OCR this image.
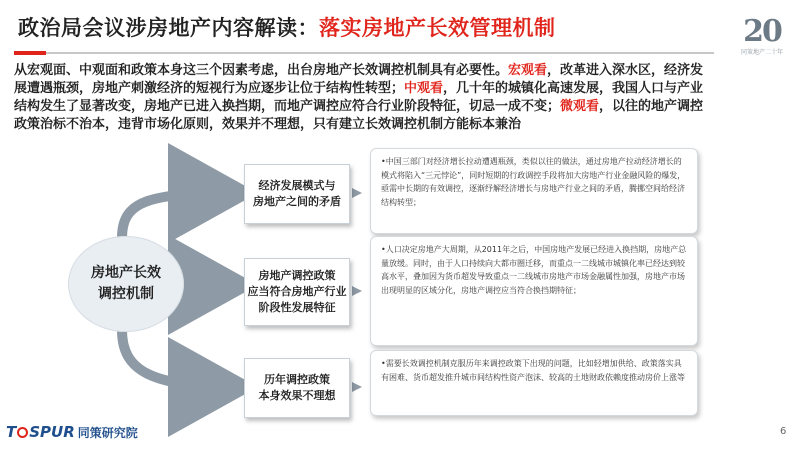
政治局会议涉房地产内容解读：落实房地产长效管理机制	20
同策地产二十年
从宏观面、中观面和政策本身这三个因素考虑，出台房地产长效调控机制具有必要性。宏观看，改革进入深水区，经济发展遭遇瓶颈，房地产刺激经济的短视行为应逐步让位于结构性转型；中观看，几十年的城镇化高速发展，我国人口与产业结构发生了显著改变，房地产已进入换挡期，而地产调控应符合行业阶段特征，切忌一成不变；微观看，以往的地产调控政策治标不治本，违背市场化原则，效果并不理想，只有建立长效调控机制方能标本兼治
房地产长效
调控机制
经济发展模式与
房地产之间的矛盾
房地产调控政策
应当符合房地产行业
阶段性发展特征
历年调控政策
本身效果不理想
•中国三部门对经济增长拉动遭遇瓶颈，类似以往的做法，通过房地产拉动经济增长的模式将陷入“三元悖论”，同时短期的行政调控手段将加大房地产行业金融风险的爆发，亟需中长期的有效调控，逐渐纾解经济增长与房地产行业之间的矛盾，腾挪空间给经济结构转型；
•人口决定房地产大周期，从2011年之后，中国房地产发展已经进入换挡期，房地产总量放缓。同时，由于人口持续向大都市圈迁移，而重点一二线城市城镇化率已经达到较高水平，叠加因为货币超发导致重点一二线城市房地产市场金融属性加强，房地产市场出现明显的区域分化，房地产调控应当符合换挡期特征；
•需要长效调控机制克服历年来调控政策下出现的问题，比如轻增加供给、政策落实具有困难、货币超发推升城市间结构性资产泡沫、较高的土地财政依赖度推动房价上涨等
T SPUR 同策研究院	6
